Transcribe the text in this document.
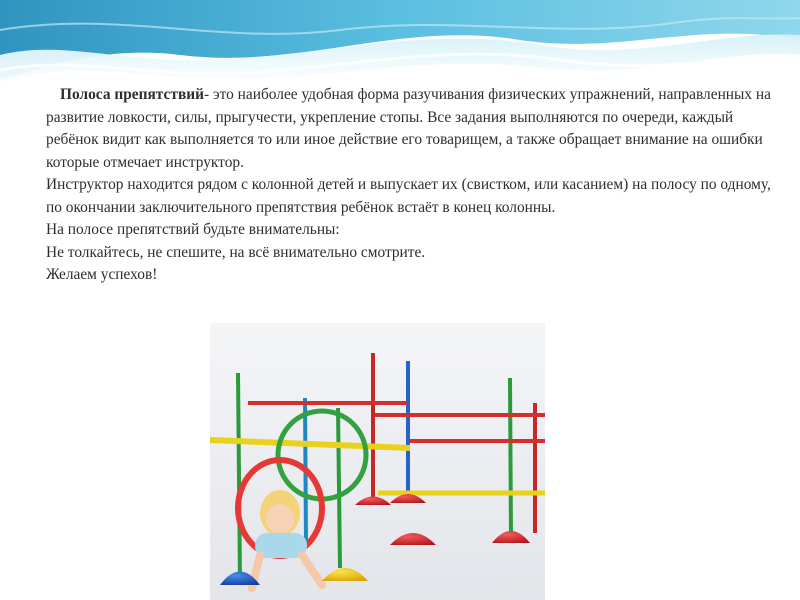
Полоса препятствий- это наиболее удобная форма разучивания физических упражнений, направленных на развитие ловкости, силы, прыгучести, укрепление стопы. Все задания выполняются по очереди, каждый ребёнок видит как выполняется то или иное действие его товарищем, а также обращает внимание на ошибки которые отмечает инструктор.

Инструктор находится рядом с колонной детей и выпускает их (свистком, или касанием) на полосу по одному, по окончании заключительного препятствия ребёнок встаёт в конец колонны.

На полосе препятствий будьте внимательны:

Не толкайтесь, не спешите, на всё внимательно смотрите.

Желаем успехов!
